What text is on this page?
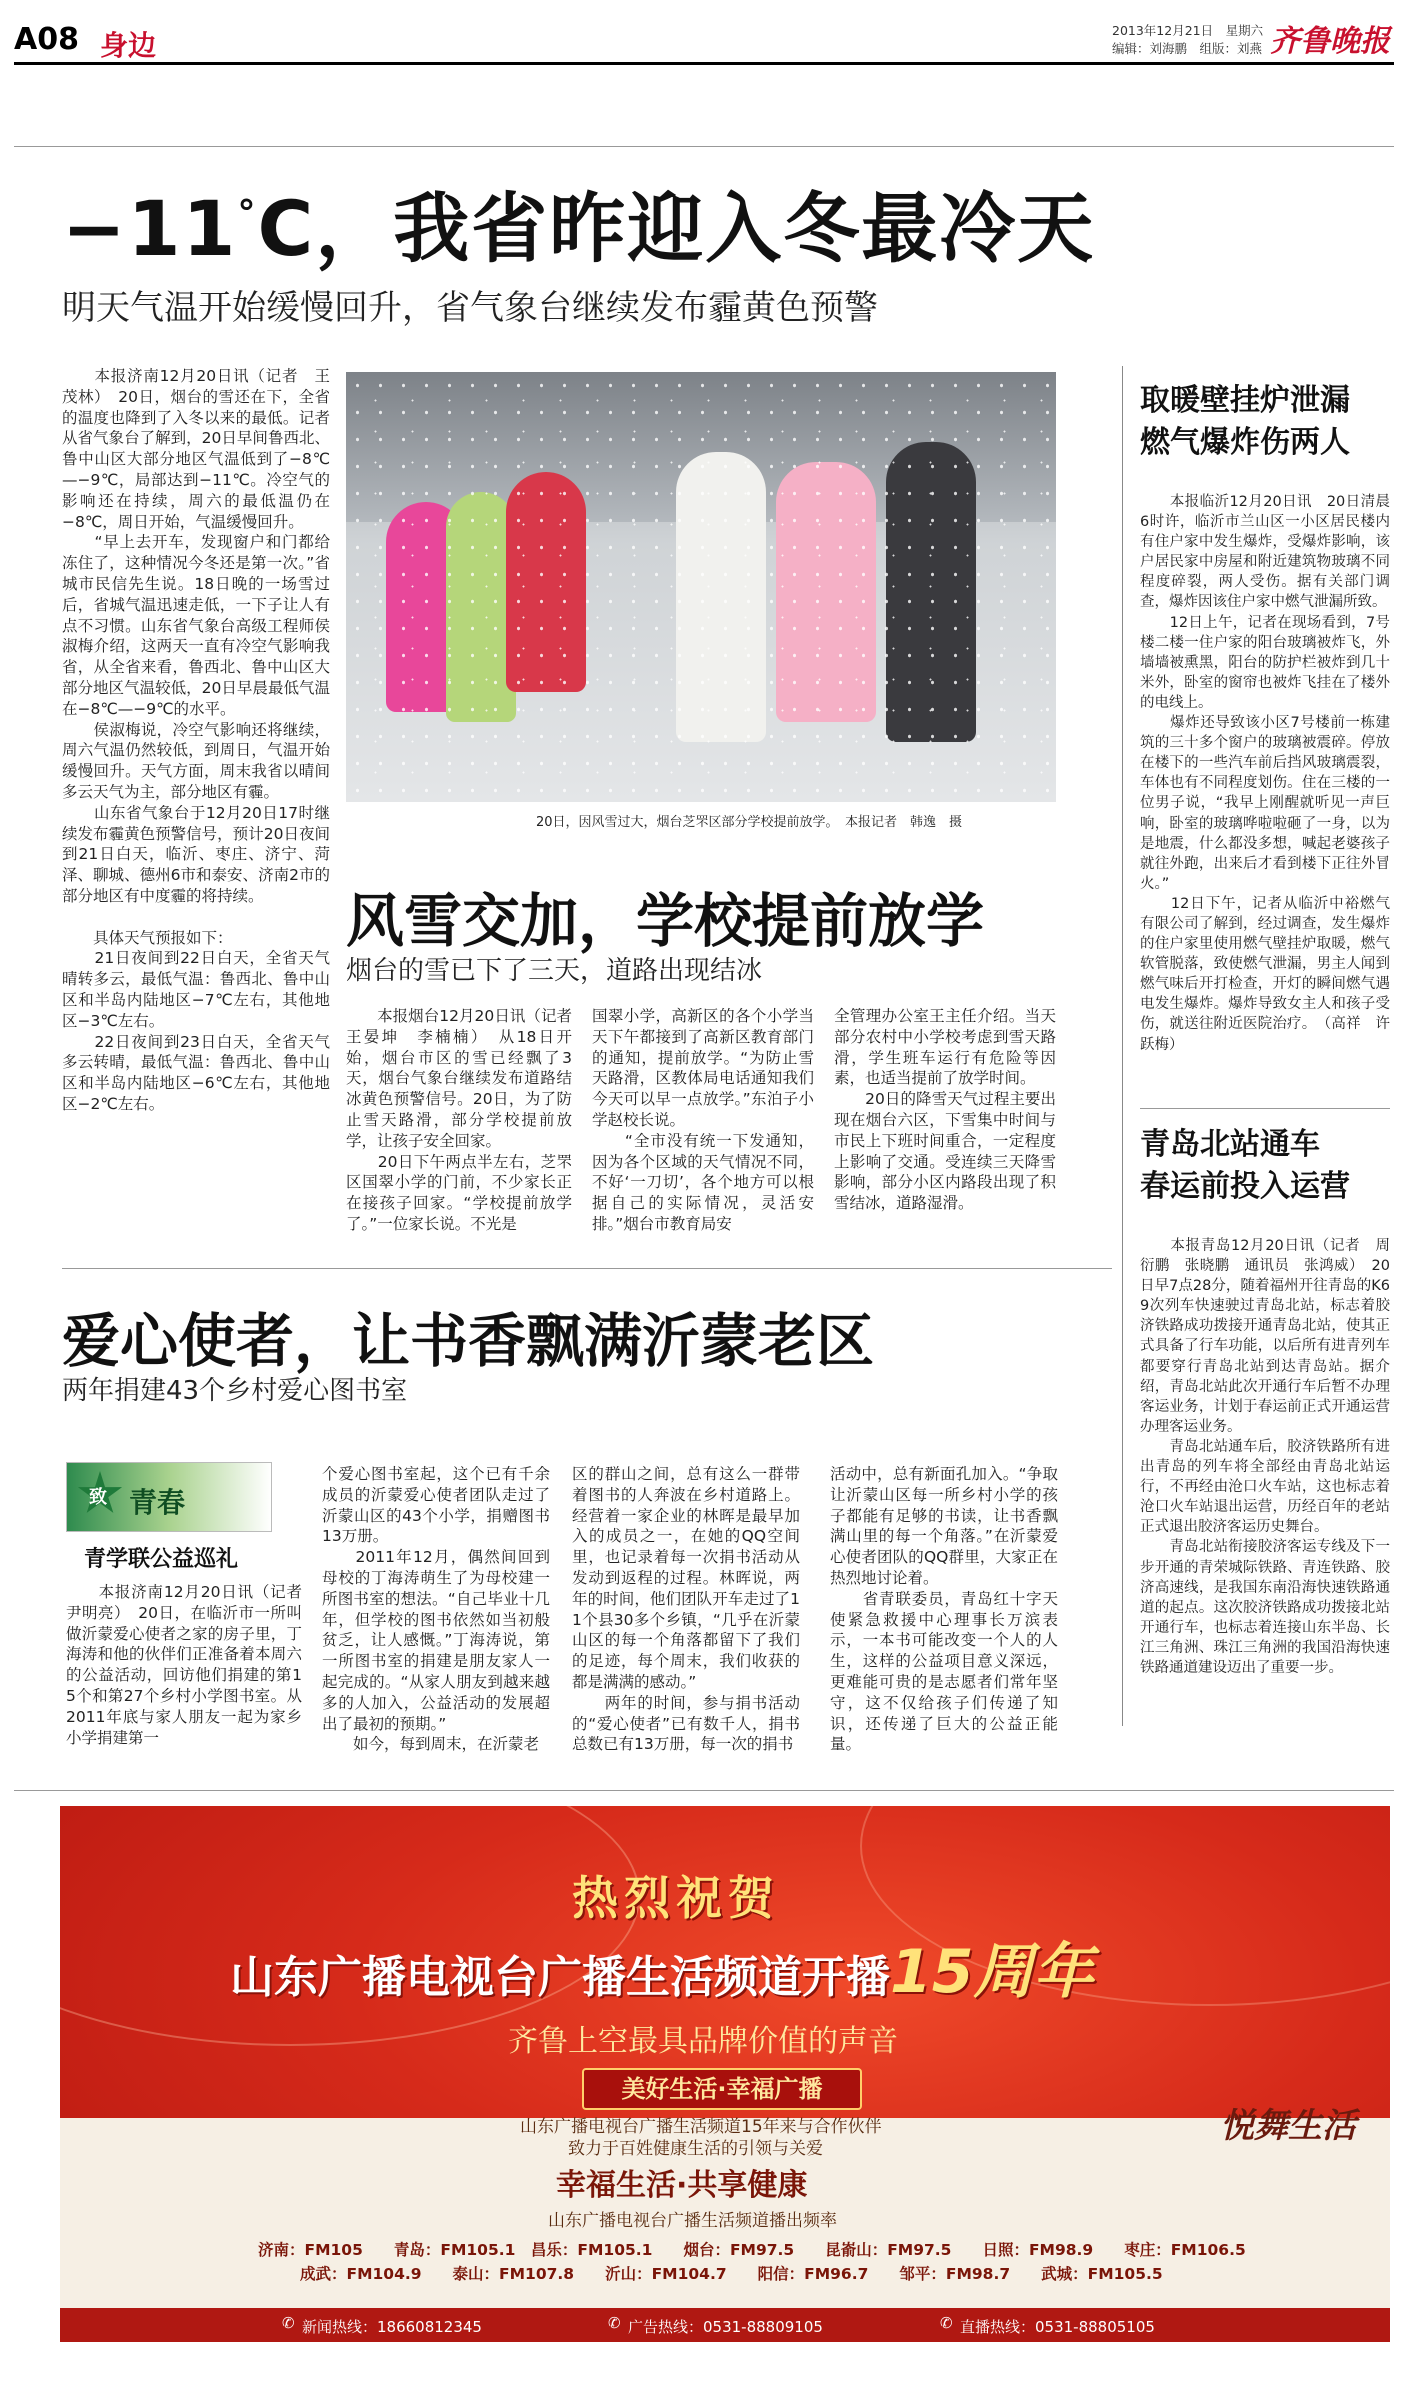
A08 身边	2013年12月21日　星期六
编辑：刘海鹏　组版：刘燕 齐鲁晚报
−11°C，我省昨迎入冬最冷天
明天气温开始缓慢回升，省气象台继续发布霾黄色预警
　　本报济南12月20日讯（记者　王茂林）　20日，烟台的雪还在下，全省的温度也降到了入冬以来的最低。记者从省气象台了解到，20日早间鲁西北、鲁中山区大部分地区气温低到了−8℃—−9℃，局部达到−11℃。冷空气的影响还在持续，周六的最低温仍在−8℃，周日开始，气温缓慢回升。
　　“早上去开车，发现窗户和门都给冻住了，这种情况今冬还是第一次。”省城市民信先生说。18日晚的一场雪过后，省城气温迅速走低，一下子让人有点不习惯。山东省气象台高级工程师侯淑梅介绍，这两天一直有冷空气影响我省，从全省来看，鲁西北、鲁中山区大部分地区气温较低，20日早晨最低气温在−8℃—−9℃的水平。
　　侯淑梅说，冷空气影响还将继续，周六气温仍然较低，到周日，气温开始缓慢回升。天气方面，周末我省以晴间多云天气为主，部分地区有霾。
　　山东省气象台于12月20日17时继续发布霾黄色预警信号，预计20日夜间到21日白天，临沂、枣庄、济宁、菏泽、聊城、德州6市和泰安、济南2市的部分地区有中度霾的将持续。

　　具体天气预报如下：
　　21日夜间到22日白天，全省天气晴转多云，最低气温：鲁西北、鲁中山区和半岛内陆地区−7℃左右，其他地区−3℃左右。
　　22日夜间到23日白天，全省天气多云转晴，最低气温：鲁西北、鲁中山区和半岛内陆地区−6℃左右，其他地区−2℃左右。
20日，因风雪过大，烟台芝罘区部分学校提前放学。　本报记者　韩逸　摄
风雪交加，学校提前放学
烟台的雪已下了三天，道路出现结冰
　　本报烟台12月20日讯（记者　王晏坤　李楠楠）　从18日开始，烟台市区的雪已经飘了3天，烟台气象台继续发布道路结冰黄色预警信号。20日，为了防止雪天路滑，部分学校提前放学，让孩子安全回家。
　　20日下午两点半左右，芝罘区国翠小学的门前，不少家长正在接孩子回家。“学校提前放学了。”一位家长说。不光是
国翠小学，高新区的各个小学当天下午都接到了高新区教育部门的通知，提前放学。“为防止雪天路滑，区教体局电话通知我们今天可以早一点放学。”东泊子小学赵校长说。
　　“全市没有统一下发通知，因为各个区域的天气情况不同，不好‘一刀切’，各个地方可以根据自己的实际情况，灵活安排。”烟台市教育局安
全管理办公室王主任介绍。当天部分农村中小学校考虑到雪天路滑，学生班车运行有危险等因素，也适当提前了放学时间。
　　20日的降雪天气过程主要出现在烟台六区，下雪集中时间与市民上下班时间重合，一定程度上影响了交通。受连续三天降雪影响，部分小区内路段出现了积雪结冰，道路湿滑。
取暖壁挂炉泄漏
燃气爆炸伤两人
　　本报临沂12月20日讯　20日清晨6时许，临沂市兰山区一小区居民楼内有住户家中发生爆炸，受爆炸影响，该户居民家中房屋和附近建筑物玻璃不同程度碎裂，两人受伤。据有关部门调查，爆炸因该住户家中燃气泄漏所致。
　　12日上午，记者在现场看到，7号楼二楼一住户家的阳台玻璃被炸飞，外墙墙被熏黑，阳台的防护栏被炸到几十米外，卧室的窗帘也被炸飞挂在了楼外的电线上。
　　爆炸还导致该小区7号楼前一栋建筑的三十多个窗户的玻璃被震碎。停放在楼下的一些汽车前后挡风玻璃震裂，车体也有不同程度划伤。住在三楼的一位男子说，“我早上刚醒就听见一声巨响，卧室的玻璃哗啦啦砸了一身，以为是地震，什么都没多想，喊起老婆孩子就往外跑，出来后才看到楼下正往外冒火。”
　　12日下午，记者从临沂中裕燃气有限公司了解到，经过调查，发生爆炸的住户家里使用燃气壁挂炉取暖，燃气软管脱落，致使燃气泄漏，男主人闻到燃气味后开打检查，开灯的瞬间燃气遇电发生爆炸。爆炸导致女主人和孩子受伤，就送往附近医院治疗。　（高祥　许跃梅）
青岛北站通车
春运前投入运营
　　本报青岛12月20日讯（记者　周衍鹏　张晓鹏　通讯员　张鸿威）　20日早7点28分，随着福州开往青岛的K69次列车快速驶过青岛北站，标志着胶济铁路成功拨接开通青岛北站，使其正式具备了行车功能，以后所有进青列车都要穿行青岛北站到达青岛站。据介绍，青岛北站此次开通行车后暂不办理客运业务，计划于春运前正式开通运营办理客运业务。
　　青岛北站通车后，胶济铁路所有进出青岛的列车将全部经由青岛北站运行，不再经由沧口火车站，这也标志着沧口火车站退出运营，历经百年的老站正式退出胶济客运历史舞台。
　　青岛北站衔接胶济客运专线及下一步开通的青荣城际铁路、青连铁路、胶济高速线，是我国东南沿海快速铁路通道的起点。这次胶济铁路成功拨接北站开通行车，也标志着连接山东半岛、长江三角洲、珠江三角洲的我国沿海快速铁路通道建设迈出了重要一步。
爱心使者，让书香飘满沂蒙老区
两年捐建43个乡村爱心图书室
致 青春
青学联公益巡礼
　　本报济南12月20日讯（记者　尹明亮）　20日，在临沂市一所叫做沂蒙爱心使者之家的房子里，丁海涛和他的伙伴们正准备着本周六的公益活动，回访他们捐建的第15个和第27个乡村小学图书室。从2011年底与家人朋友一起为家乡小学捐建第一
个爱心图书室起，这个已有千余成员的沂蒙爱心使者团队走过了沂蒙山区的43个小学，捐赠图书13万册。
　　2011年12月，偶然间回到母校的丁海涛萌生了为母校建一所图书室的想法。“自己毕业十几年，但学校的图书依然如当初般贫乏，让人感慨。”丁海涛说，第一所图书室的捐建是朋友家人一起完成的。“从家人朋友到越来越多的人加入，公益活动的发展超出了最初的预期。”
　　如今，每到周末，在沂蒙老
区的群山之间，总有这么一群带着图书的人奔波在乡村道路上。经营着一家企业的林晖是最早加入的成员之一，在她的QQ空间里，也记录着每一次捐书活动从发动到返程的过程。林晖说，两年的时间，他们团队开车走过了11个县30多个乡镇，“几乎在沂蒙山区的每一个角落都留下了我们的足迹，每个周末，我们收获的都是满满的感动。”
　　两年的时间，参与捐书活动的“爱心使者”已有数千人，捐书总数已有13万册，每一次的捐书
活动中，总有新面孔加入。“争取让沂蒙山区每一所乡村小学的孩子都能有足够的书读，让书香飘满山里的每一个角落。”在沂蒙爱心使者团队的QQ群里，大家正在热烈地讨论着。
　　省青联委员，青岛红十字天使紧急救援中心理事长万滨表示，一本书可能改变一个人的人生，这样的公益项目意义深远，更难能可贵的是志愿者们常年坚守，这不仅给孩子们传递了知识，还传递了巨大的公益正能量。
热烈祝贺
山东广播电视台广播生活频道开播15周年
齐鲁上空最具品牌价值的声音
美好生活·幸福广播
山东广播电视台广播生活频道15年来与合作伙伴
致力于百姓健康生活的引领与关爱
幸福生活·共享健康
山东广播电视台广播生活频道播出频率
济南：FM105　　青岛：FM105.1　昌乐：FM105.1　　烟台：FM97.5　　昆嵛山：FM97.5　　日照：FM98.9　　枣庄：FM106.5
成武：FM104.9　　泰山：FM107.8　　沂山：FM104.7　　阳信：FM96.7　　邹平：FM98.7　　武城：FM105.5
悦舞生活
✆ 新闻热线：18660812345	✆ 广告热线：0531-88809105	✆ 直播热线：0531-88805105
